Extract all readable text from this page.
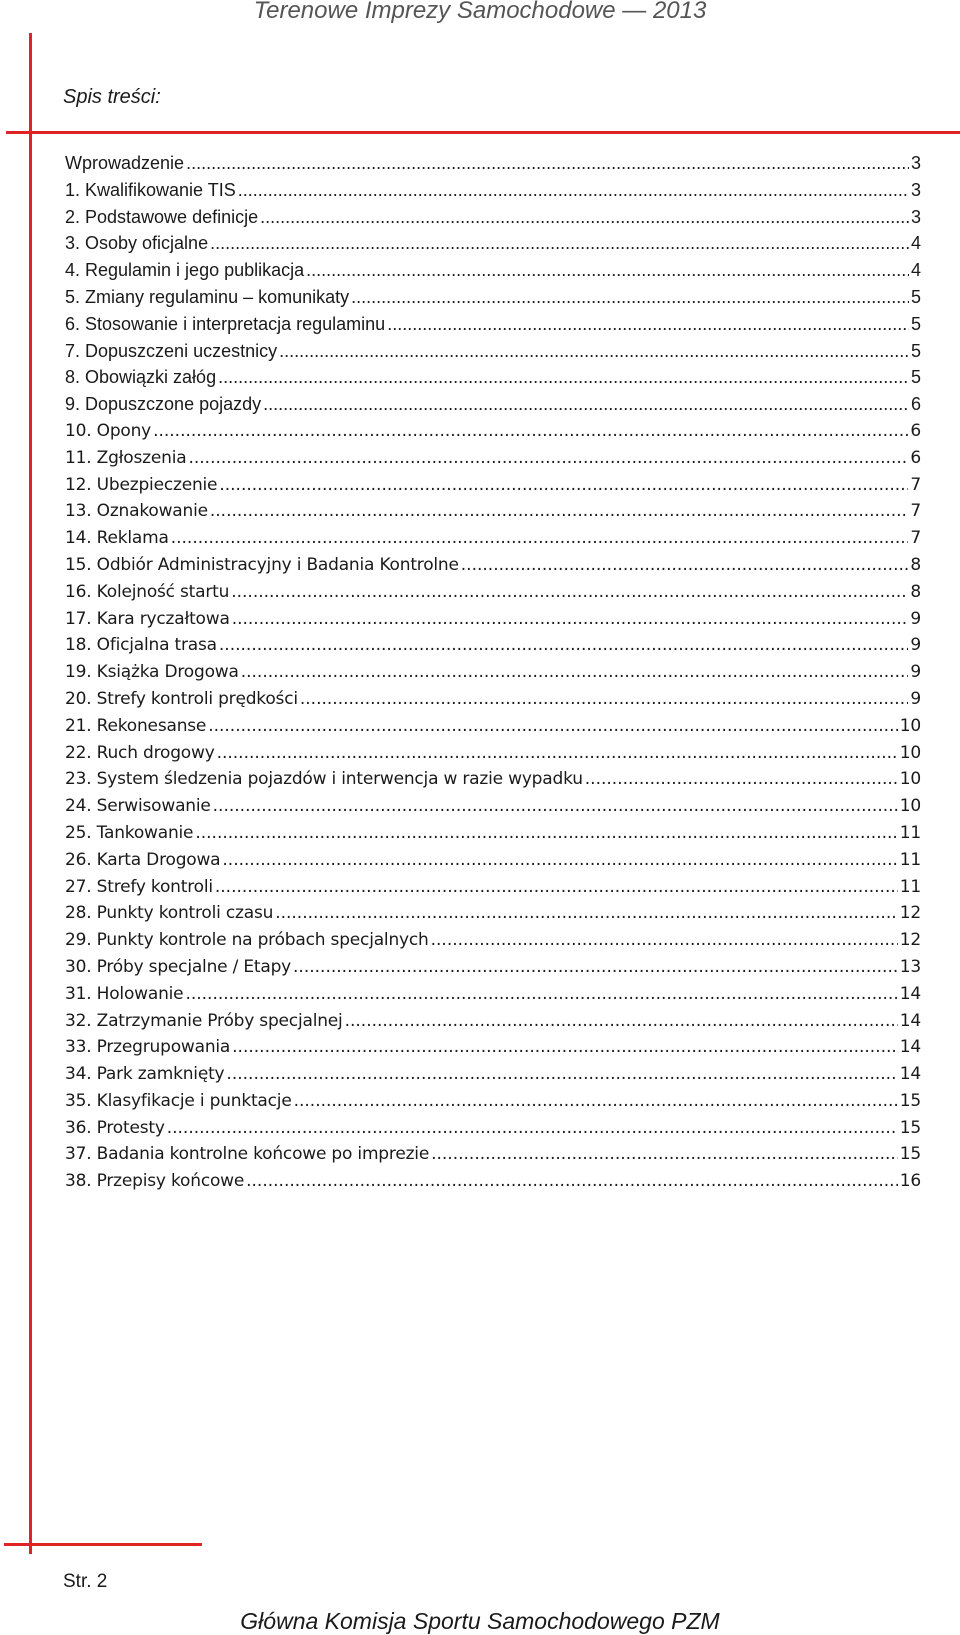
Terenowe Imprezy Samochodowe — 2013
Spis treści:
Wprowadzenie .....	3
1. Kwalifikowanie TIS .....	3
2. Podstawowe definicje .....	3
3. Osoby oficjalne .....	4
4. Regulamin i jego publikacja .....	4
5. Zmiany regulaminu – komunikaty .....	5
6. Stosowanie i interpretacja regulaminu .....	5
7. Dopuszczeni uczestnicy .....	5
8. Obowiązki załóg .....	5
9. Dopuszczone pojazdy .....	6
10. Opony .....	6
11. Zgłoszenia .....	6
12. Ubezpieczenie .....	7
13. Oznakowanie .....	7
14. Reklama .....	7
15. Odbiór Administracyjny i Badania Kontrolne .....	8
16. Kolejność startu .....	8
17. Kara ryczałtowa .....	9
18. Oficjalna trasa .....	9
19. Książka Drogowa .....	9
20. Strefy kontroli prędkości .....	9
21. Rekonesanse .....	10
22. Ruch drogowy .....	10
23. System śledzenia pojazdów i interwencja w razie wypadku .....	10
24. Serwisowanie .....	10
25. Tankowanie .....	11
26. Karta Drogowa .....	11
27. Strefy kontroli .....	11
28. Punkty kontroli czasu .....	12
29. Punkty kontrole na próbach specjalnych .....	12
30. Próby specjalne / Etapy .....	13
31. Holowanie .....	14
32. Zatrzymanie Próby specjalnej .....	14
33. Przegrupowania .....	14
34. Park zamknięty .....	14
35. Klasyfikacje i punktacje .....	15
36. Protesty .....	15
37. Badania kontrolne końcowe po imprezie .....	15
38. Przepisy końcowe .....	16
Str. 2
Główna Komisja Sportu Samochodowego PZM
